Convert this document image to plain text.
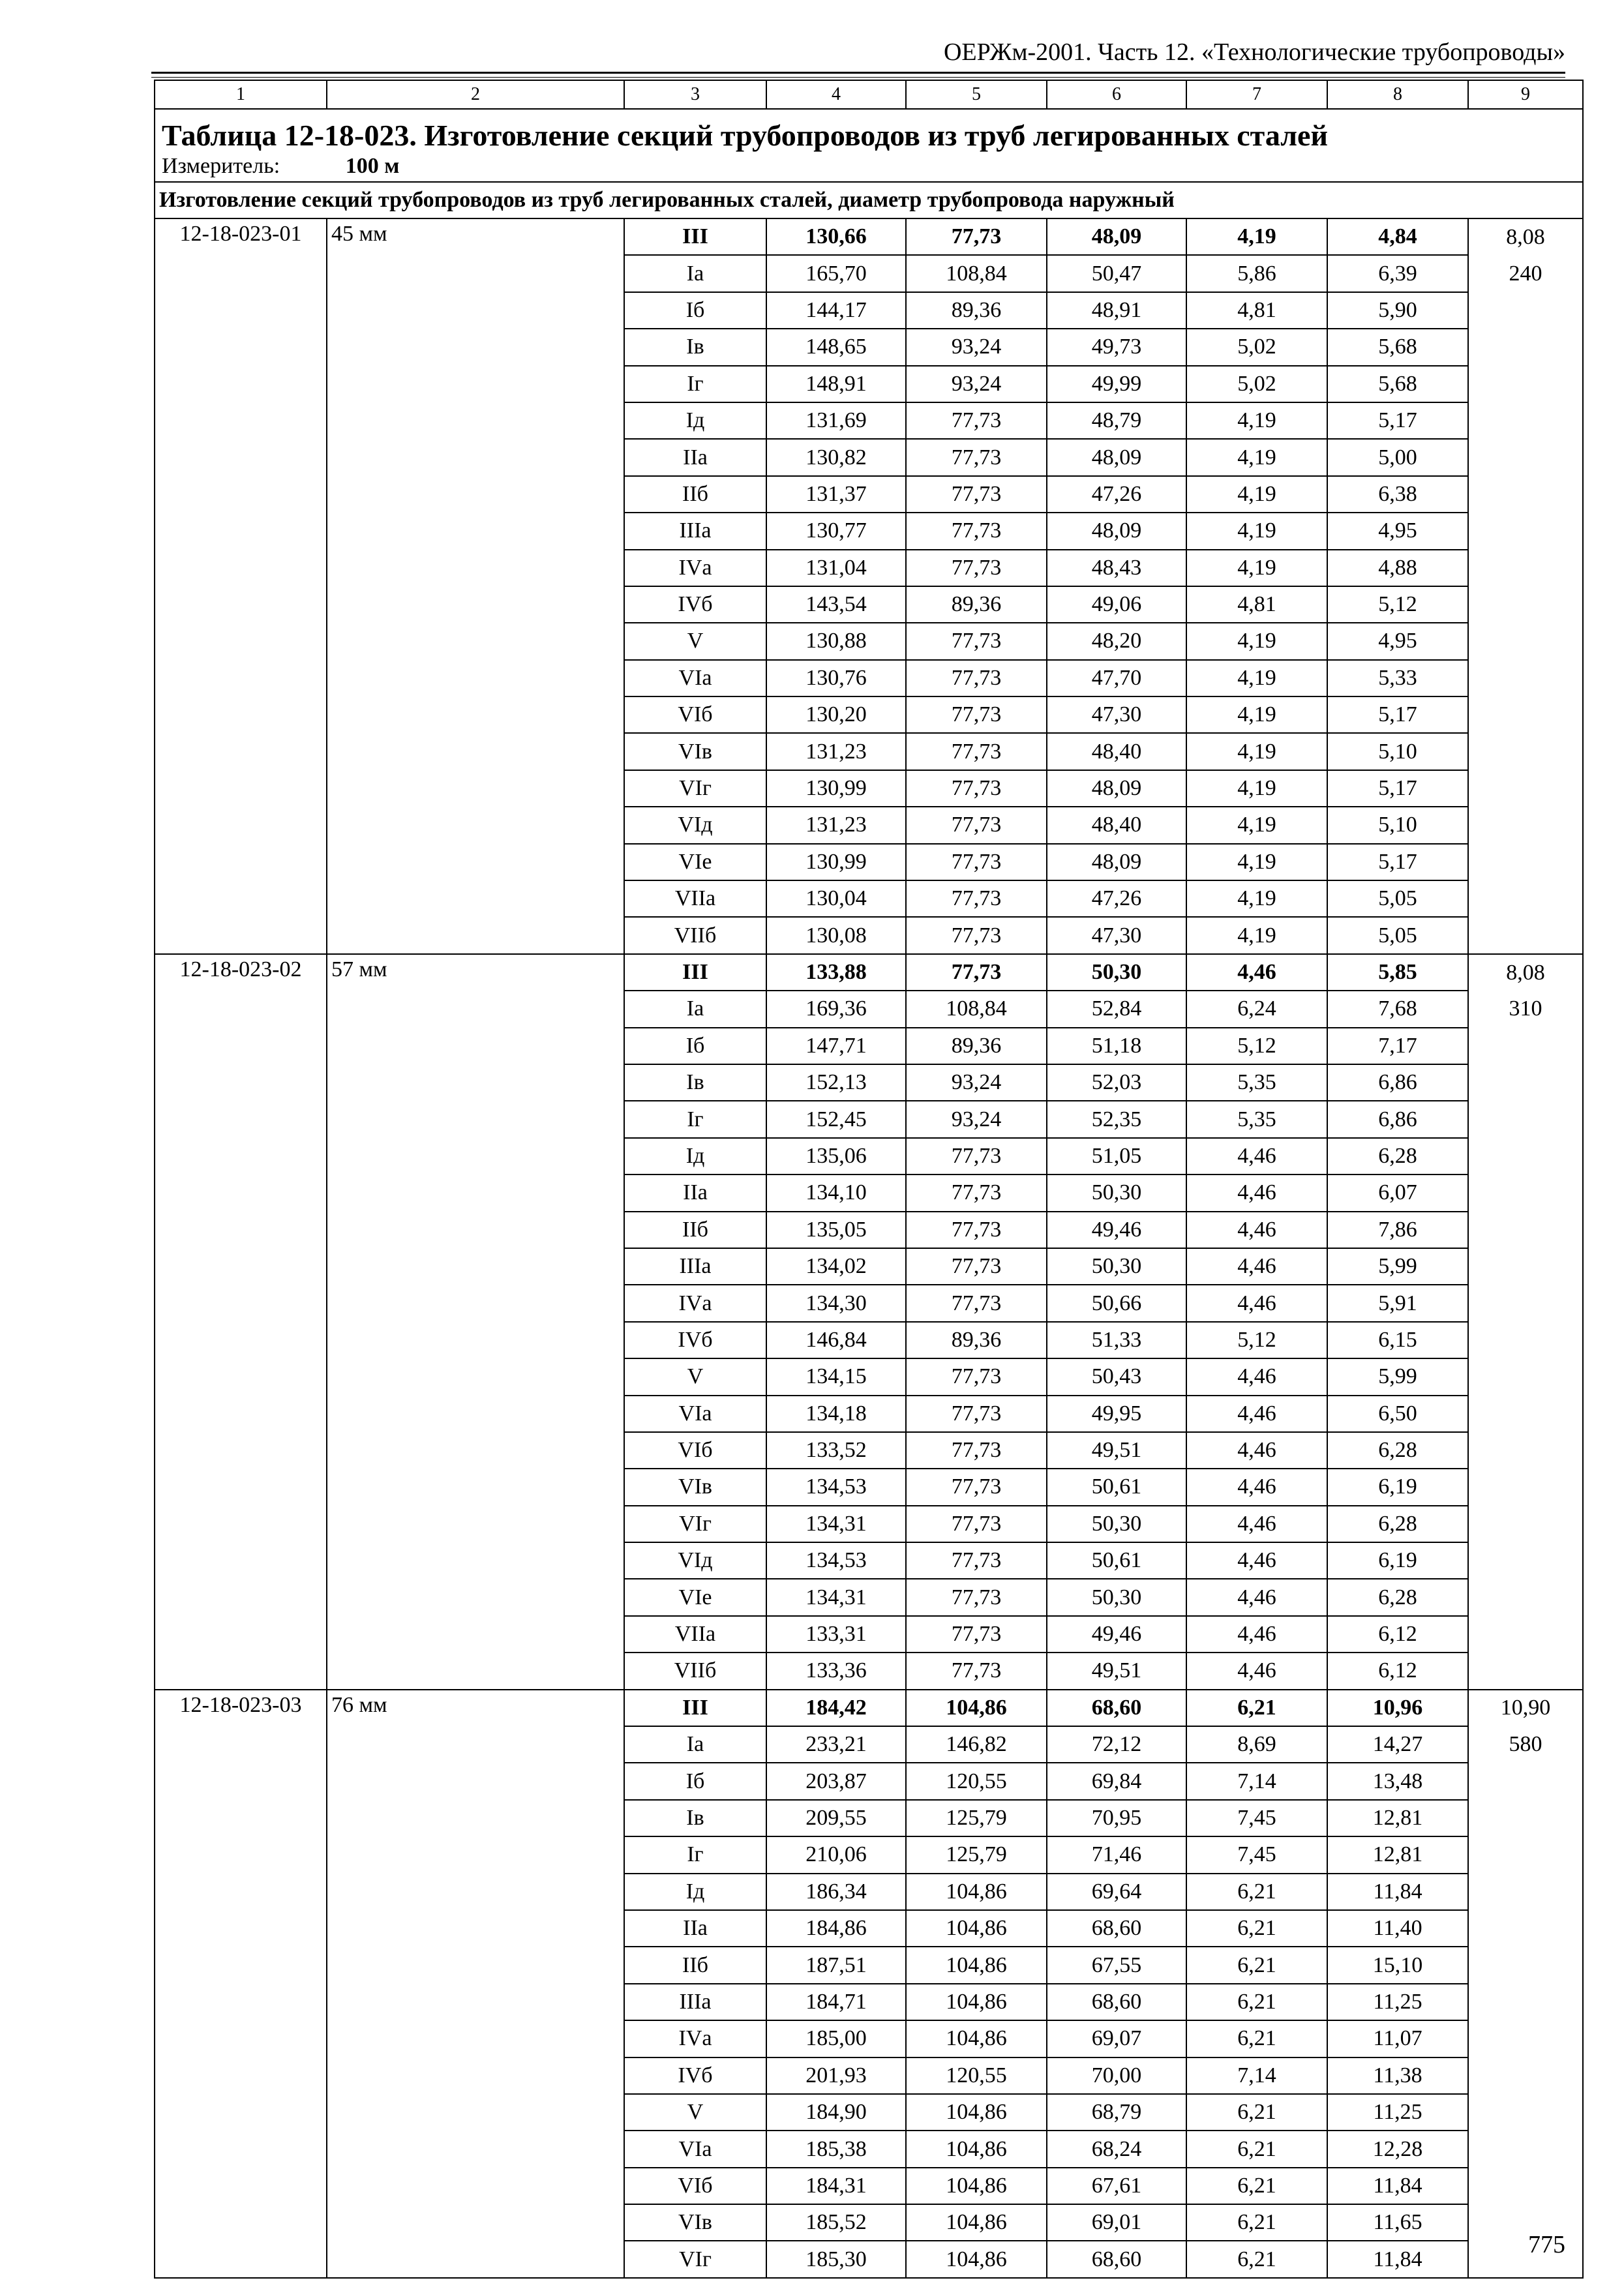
ОЕРЖм-2001. Часть 12. «Технологические трубопроводы»
1	2	3	4	5	6	7	8	9
Таблица 12-18-023. Изготовление секций трубопроводов из труб легированных сталей								
Измеритель: 100 м								
Изготовление секций трубопроводов из труб легированных сталей, диаметр трубопровода наружный								
12-18-023-01	45 мм	III	130,66	77,73	48,09	4,19	4,84	8,08
		Iа	165,70	108,84	50,47	5,86	6,39	240
		Iб	144,17	89,36	48,91	4,81	5,90	
		Iв	148,65	93,24	49,73	5,02	5,68	
		Iг	148,91	93,24	49,99	5,02	5,68	
		Iд	131,69	77,73	48,79	4,19	5,17	
		IIа	130,82	77,73	48,09	4,19	5,00	
		IIб	131,37	77,73	47,26	4,19	6,38	
		IIIа	130,77	77,73	48,09	4,19	4,95	
		IVа	131,04	77,73	48,43	4,19	4,88	
		IVб	143,54	89,36	49,06	4,81	5,12	
		V	130,88	77,73	48,20	4,19	4,95	
		VIа	130,76	77,73	47,70	4,19	5,33	
		VIб	130,20	77,73	47,30	4,19	5,17	
		VIв	131,23	77,73	48,40	4,19	5,10	
		VIг	130,99	77,73	48,09	4,19	5,17	
		VIд	131,23	77,73	48,40	4,19	5,10	
		VIе	130,99	77,73	48,09	4,19	5,17	
		VIIа	130,04	77,73	47,26	4,19	5,05	
		VIIб	130,08	77,73	47,30	4,19	5,05	
12-18-023-02	57 мм	III	133,88	77,73	50,30	4,46	5,85	8,08
		Iа	169,36	108,84	52,84	6,24	7,68	310
		Iб	147,71	89,36	51,18	5,12	7,17	
		Iв	152,13	93,24	52,03	5,35	6,86	
		Iг	152,45	93,24	52,35	5,35	6,86	
		Iд	135,06	77,73	51,05	4,46	6,28	
		IIа	134,10	77,73	50,30	4,46	6,07	
		IIб	135,05	77,73	49,46	4,46	7,86	
		IIIа	134,02	77,73	50,30	4,46	5,99	
		IVа	134,30	77,73	50,66	4,46	5,91	
		IVб	146,84	89,36	51,33	5,12	6,15	
		V	134,15	77,73	50,43	4,46	5,99	
		VIа	134,18	77,73	49,95	4,46	6,50	
		VIб	133,52	77,73	49,51	4,46	6,28	
		VIв	134,53	77,73	50,61	4,46	6,19	
		VIг	134,31	77,73	50,30	4,46	6,28	
		VIд	134,53	77,73	50,61	4,46	6,19	
		VIе	134,31	77,73	50,30	4,46	6,28	
		VIIа	133,31	77,73	49,46	4,46	6,12	
		VIIб	133,36	77,73	49,51	4,46	6,12	
12-18-023-03	76 мм	III	184,42	104,86	68,60	6,21	10,96	10,90
		Iа	233,21	146,82	72,12	8,69	14,27	580
		Iб	203,87	120,55	69,84	7,14	13,48	
		Iв	209,55	125,79	70,95	7,45	12,81	
		Iг	210,06	125,79	71,46	7,45	12,81	
		Iд	186,34	104,86	69,64	6,21	11,84	
		IIа	184,86	104,86	68,60	6,21	11,40	
		IIб	187,51	104,86	67,55	6,21	15,10	
		IIIа	184,71	104,86	68,60	6,21	11,25	
		IVа	185,00	104,86	69,07	6,21	11,07	
		IVб	201,93	120,55	70,00	7,14	11,38	
		V	184,90	104,86	68,79	6,21	11,25	
		VIа	185,38	104,86	68,24	6,21	12,28	
		VIб	184,31	104,86	67,61	6,21	11,84	
		VIв	185,52	104,86	69,01	6,21	11,65	
		VIг	185,30	104,86	68,60	6,21	11,84	
775
